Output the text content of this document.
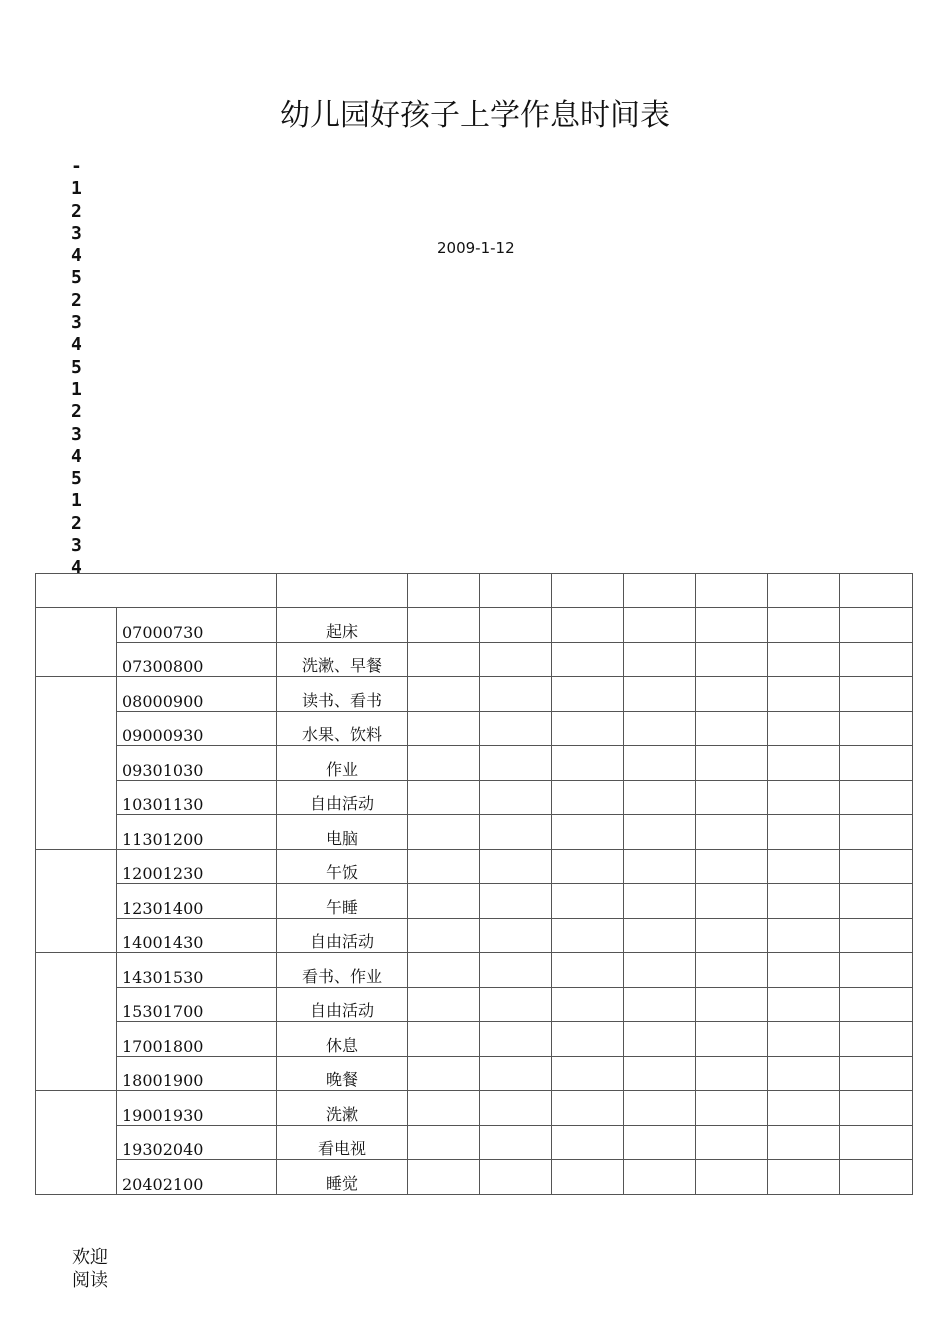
幼儿园好孩子上学作息时间表
-
1
2
3
4
5
2
3
4
5
1
2
3
4
5
1
2
3
4
2009-1-12

	07000730	起床							
	07300800	洗漱、早餐							
	08000900	读书、看书							
	09000930	水果、饮料							
	09301030	作业							
	10301130	自由活动							
	11301200	电脑							
	12001230	午饭							
	12301400	午睡							
	14001430	自由活动							
	14301530	看书、作业							
	15301700	自由活动							
	17001800	休息							
	18001900	晚餐							
	19001930	洗漱							
	19302040	看电视							
	20402100	睡觉							
欢迎
阅读
